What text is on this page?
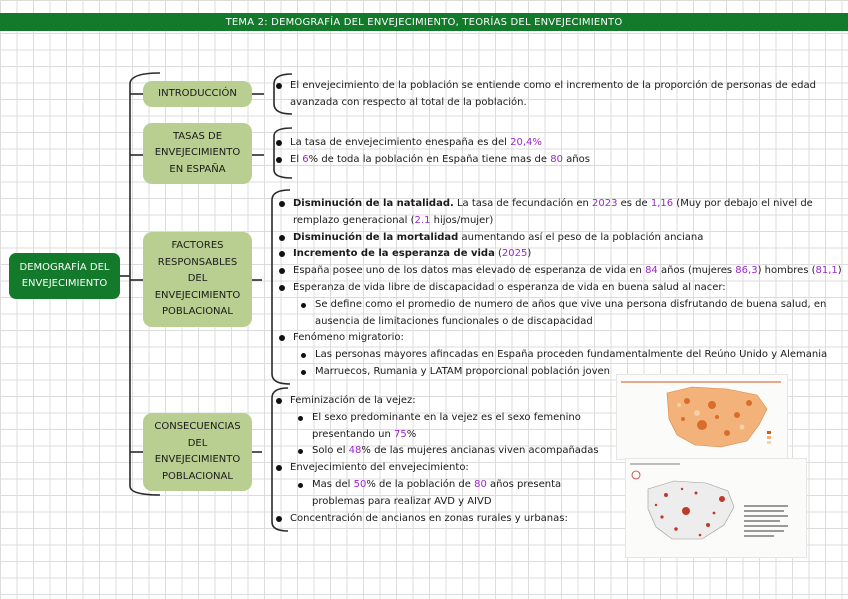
TEMA 2: DEMOGRAFÍA DEL ENVEJECIMIENTO, TEORÍAS DEL ENVEJECIMIENTO
DEMOGRAFÍA DEL ENVEJECIMIENTO
INTRODUCCIÓN
TASAS DE ENVEJECIMIENTO EN ESPAÑA
FACTORES RESPONSABLES DEL ENVEJECIMIENTO POBLACIONAL
CONSECUENCIAS DEL ENVEJECIMIENTO POBLACIONAL
El envejecimiento de la población se entiende como el incremento de la proporción de personas de edad
avanzada con respecto al total de la población.
La tasa de envejecimiento enespaña es del 20,4%
El 6% de toda la población en España tiene mas de 80 años
Disminución de la natalidad. La tasa de fecundación en 2023 es de 1,16 (Muy por debajo el nivel de
remplazo generacional (2.1 hijos/mujer)
Disminución de la mortalidad aumentando así el peso de la población anciana
Incremento de la esperanza de vida (2025)
España posee uno de los datos mas elevado de esperanza de vida en 84 años (mujeres 86,3) hombres (81,1)
Esperanza de vida libre de discapacidad o esperanza de vida en buena salud al nacer:
Se define como el promedio de numero de años que vive una persona disfrutando de buena salud, en
ausencia de limitaciones funcionales o de discapacidad
Fenómeno migratorio:
Las personas mayores afincadas en España proceden fundamentalmente del Reúno Unido y Alemania
Marruecos, Rumania y LATAM proporcional población joven
Feminización de la vejez:
El sexo predominante en la vejez es el sexo femenino
presentando un 75%
Solo el 48% de las mujeres ancianas viven acompañadas
Envejecimiento del envejecimiento:
Mas del 50% de la población de 80 años presenta
problemas para realizar AVD y AIVD
Concentración de ancianos en zonas rurales y urbanas:
